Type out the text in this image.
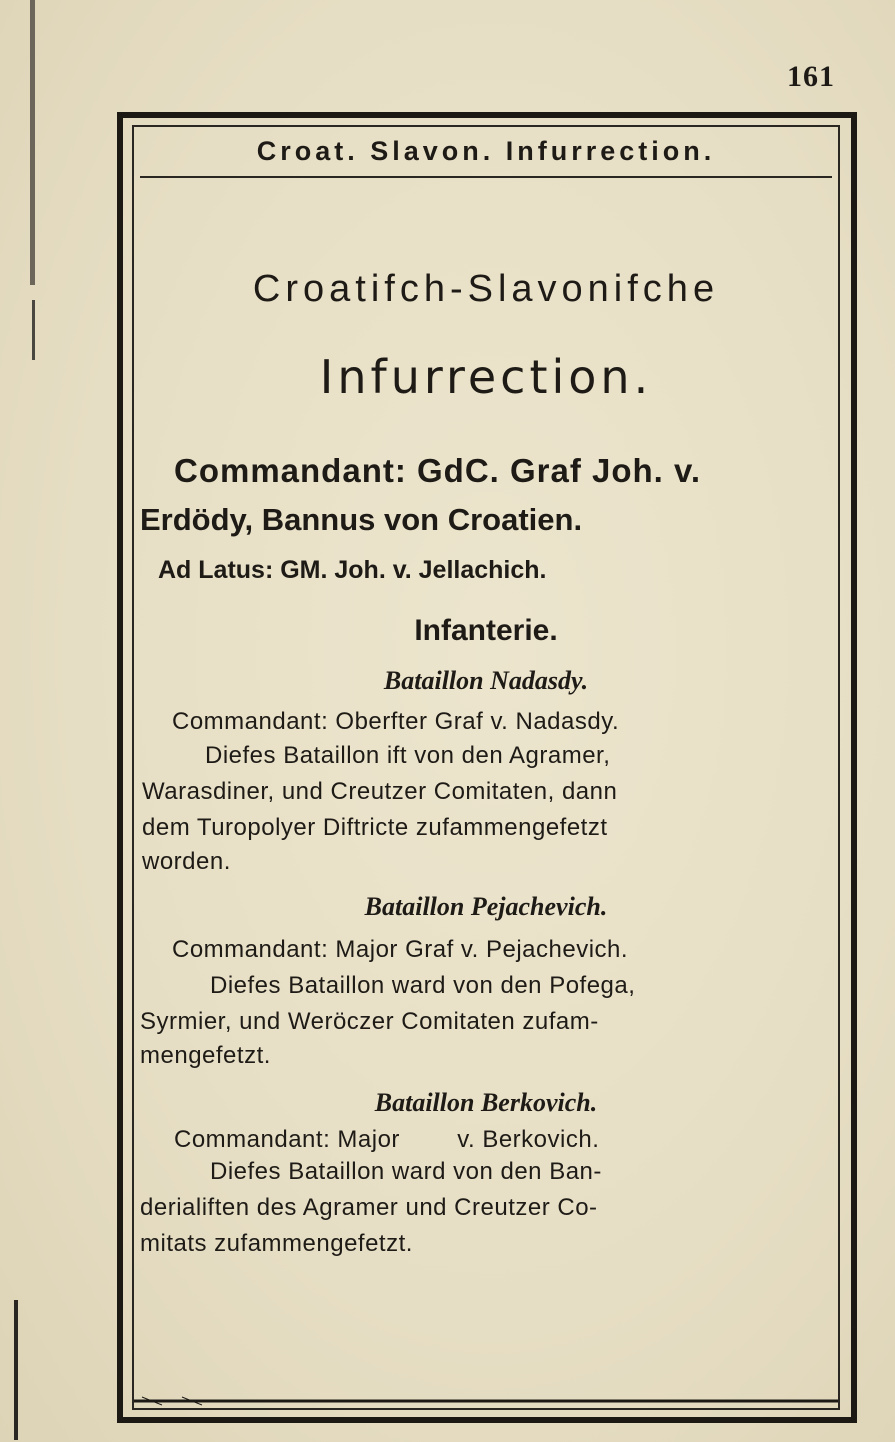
161
Croat. Slavon. Infurrection.
Croatifch-Slavonifche
Infurrection.
Commandant: GdC. Graf Joh. v.
Erdödy, Bannus von Croatien.
Ad Latus: GM. Joh. v. Jellachich.
Infanterie.
Bataillon Nadasdy.
Commandant: Oberfter Graf v. Nadasdy.
Diefes Bataillon ift von den Agramer,
Warasdiner, und Creutzer Comitaten, dann
dem Turopolyer Diftricte zufammengefetzt
worden.
Bataillon Pejachevich.
Commandant: Major Graf v. Pejachevich.
Diefes Bataillon ward von den Pofega,
Syrmier, und Weröczer Comitaten zufam-
mengefetzt.
Bataillon Berkovich.
Commandant: Major        v. Berkovich.
Diefes Bataillon ward von den Ban-
derialiften des Agramer und Creutzer Co-
mitats zufammengefetzt.
